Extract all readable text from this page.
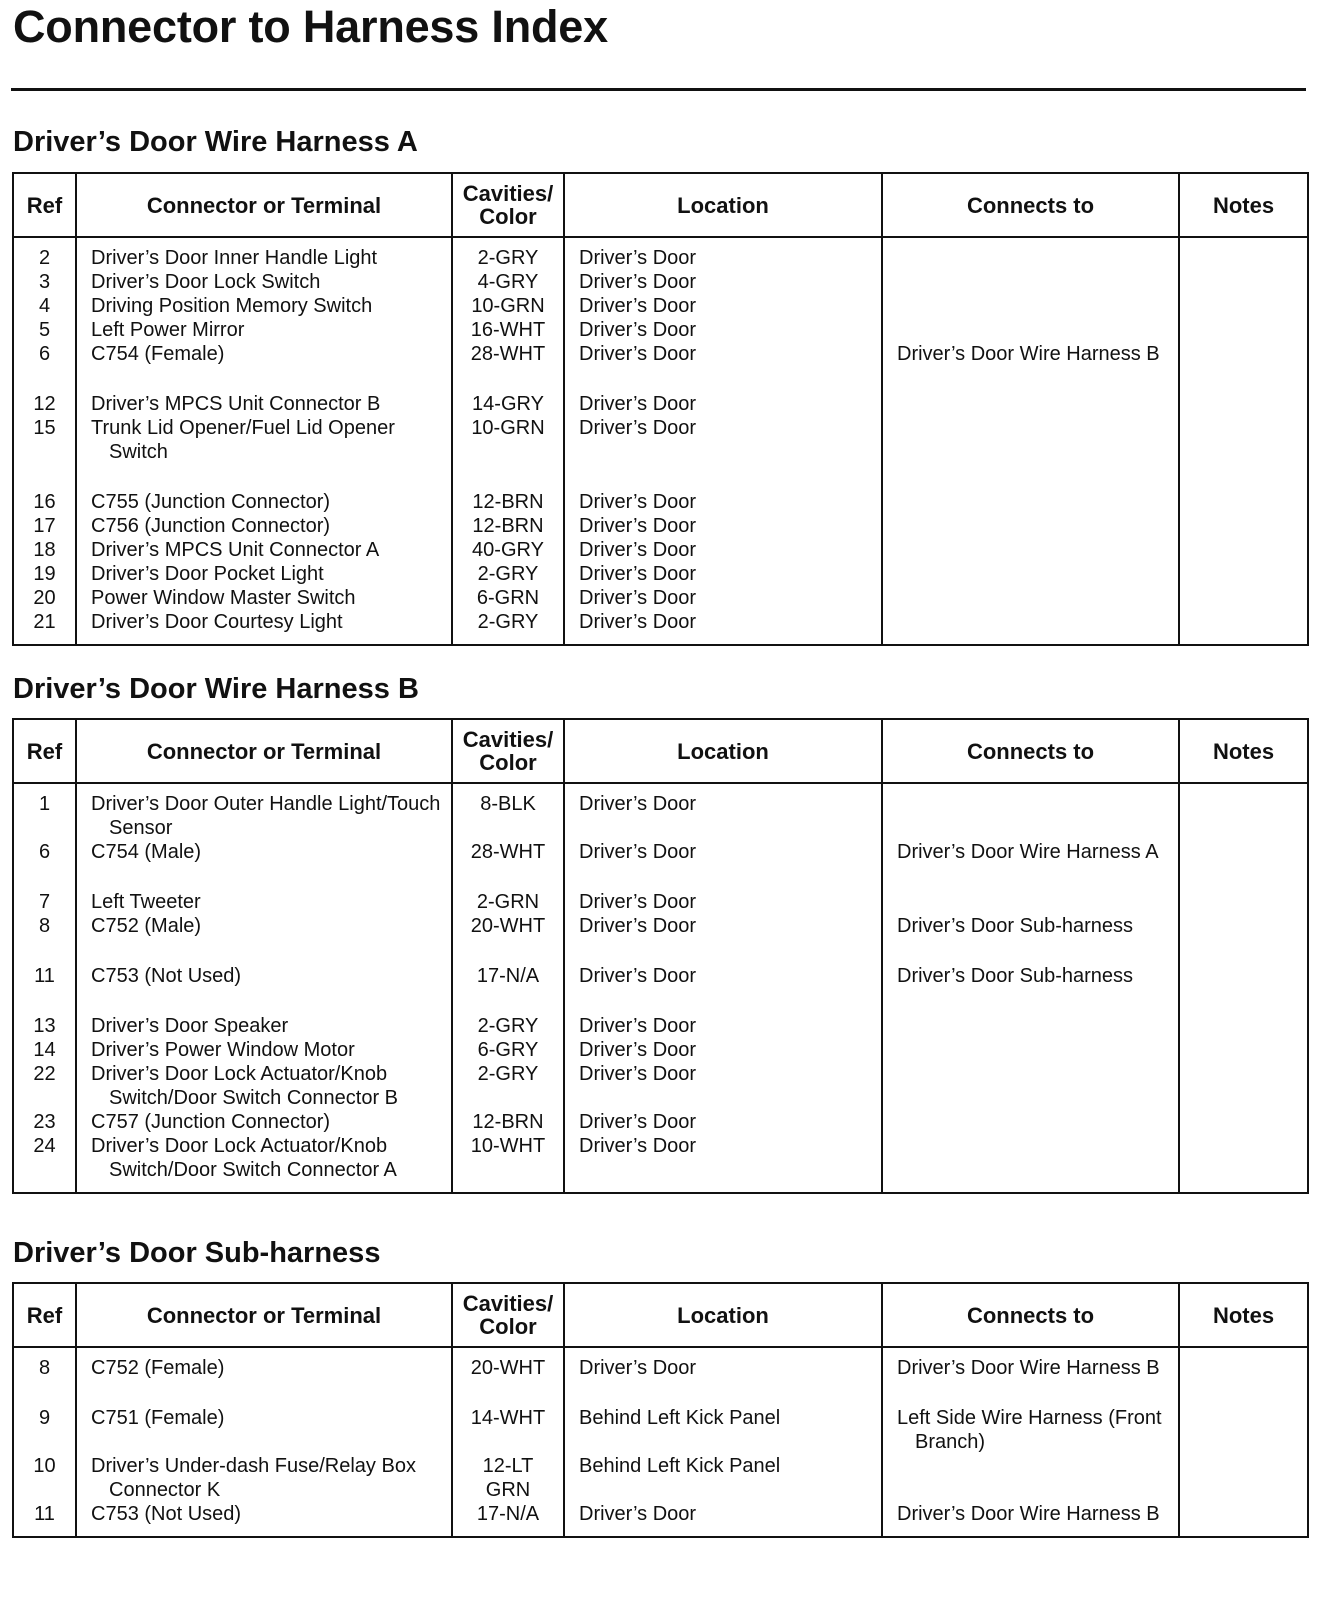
Connector to Harness Index
Driver’s Door Wire Harness A
Ref	Connector or Terminal	Cavities/
Color	Location	Connects to	Notes
2	Driver’s Door Inner Handle Light	2-GRY	Driver’s Door	

3	Driver’s Door Lock Switch	4-GRY	Driver’s Door	

4	Driving Position Memory Switch	10-GRN	Driver’s Door	

5	Left Power Mirror	16-WHT	Driver’s Door	

6	C754 (Female)	28-WHT	Driver’s Door	Driver’s Door Wire Harness B	

12	Driver’s MPCS Unit Connector B	14-GRY	Driver’s Door	

15	Trunk Lid Opener/Fuel Lid Opener Switch	10-GRN	Driver’s Door	

16	C755 (Junction Connector)	12-BRN	Driver’s Door	

17	C756 (Junction Connector)	12-BRN	Driver’s Door	

18	Driver’s MPCS Unit Connector A	40-GRY	Driver’s Door	

19	Driver’s Door Pocket Light	2-GRY	Driver’s Door	

20	Power Window Master Switch	6-GRN	Driver’s Door	

21	Driver’s Door Courtesy Light	2-GRY	Driver’s Door	

Driver’s Door Wire Harness B
Ref	Connector or Terminal	Cavities/
Color	Location	Connects to	Notes
1	Driver’s Door Outer Handle Light/Touch Sensor	8-BLK	Driver’s Door	

6	C754 (Male)	28-WHT	Driver’s Door	Driver’s Door Wire Harness A	

7	Left Tweeter	2-GRN	Driver’s Door	

8	C752 (Male)	20-WHT	Driver’s Door	Driver’s Door Sub-harness	

11	C753 (Not Used)	17-N/A	Driver’s Door	Driver’s Door Sub-harness	

13	Driver’s Door Speaker	2-GRY	Driver’s Door	

14	Driver’s Power Window Motor	6-GRY	Driver’s Door	

22	Driver’s Door Lock Actuator/Knob Switch/Door Switch Connector B	2-GRY	Driver’s Door	

23	C757 (Junction Connector)	12-BRN	Driver’s Door	

24	Driver’s Door Lock Actuator/Knob Switch/Door Switch Connector A	10-WHT	Driver’s Door	

Driver’s Door Sub-harness
Ref	Connector or Terminal	Cavities/
Color	Location	Connects to	Notes
8	C752 (Female)	20-WHT	Driver’s Door	Driver’s Door Wire Harness B	

9	C751 (Female)	14-WHT	Behind Left Kick Panel	Left Side Wire Harness (Front Branch)	

10	Driver’s Under-dash Fuse/Relay Box Connector K	12-LT GRN	Behind Left Kick Panel	

11	C753 (Not Used)	17-N/A	Driver’s Door	Driver’s Door Wire Harness B	
